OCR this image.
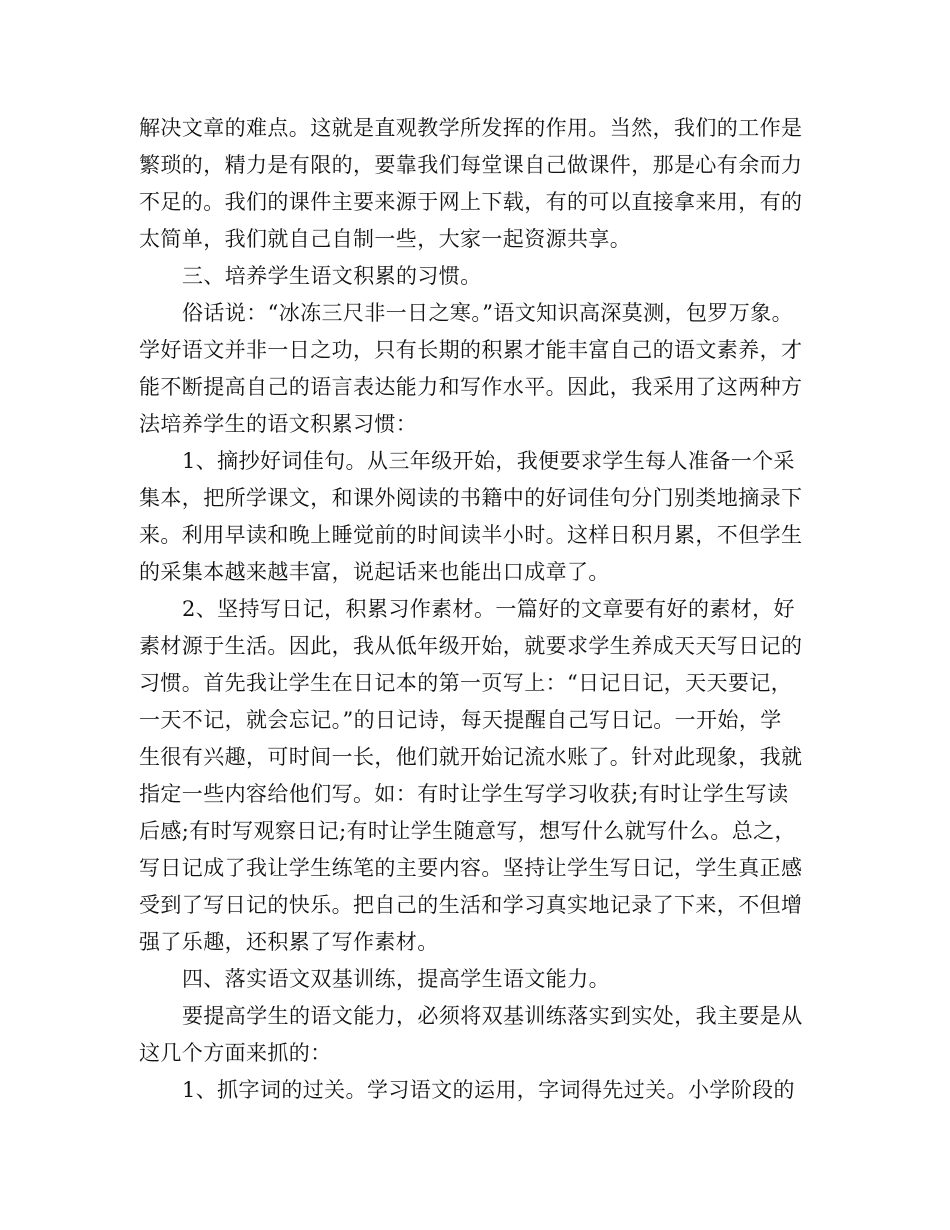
解决文章的难点。这就是直观教学所发挥的作用。当然，我们的工作是
繁琐的，精力是有限的，要靠我们每堂课自己做课件，那是心有余而力
不足的。我们的课件主要来源于网上下载，有的可以直接拿来用，有的
太简单，我们就自己自制一些，大家一起资源共享。
三、培养学生语文积累的习惯。
俗话说：“冰冻三尺非一日之寒。”语文知识高深莫测，包罗万象。
学好语文并非一日之功，只有长期的积累才能丰富自己的语文素养，才
能不断提高自己的语言表达能力和写作水平。因此，我采用了这两种方
法培养学生的语文积累习惯：
1、摘抄好词佳句。从三年级开始，我便要求学生每人准备一个采
集本，把所学课文，和课外阅读的书籍中的好词佳句分门别类地摘录下
来。利用早读和晚上睡觉前的时间读半小时。这样日积月累，不但学生
的采集本越来越丰富，说起话来也能出口成章了。
2、坚持写日记，积累习作素材。一篇好的文章要有好的素材，好
素材源于生活。因此，我从低年级开始，就要求学生养成天天写日记的
习惯。首先我让学生在日记本的第一页写上：“日记日记，天天要记，
一天不记，就会忘记。”的日记诗，每天提醒自己写日记。一开始，学
生很有兴趣，可时间一长，他们就开始记流水账了。针对此现象，我就
指定一些内容给他们写。如：有时让学生写学习收获;有时让学生写读
后感;有时写观察日记;有时让学生随意写，想写什么就写什么。总之，
写日记成了我让学生练笔的主要内容。坚持让学生写日记，学生真正感
受到了写日记的快乐。把自己的生活和学习真实地记录了下来，不但增
强了乐趣，还积累了写作素材。
四、落实语文双基训练，提高学生语文能力。
要提高学生的语文能力，必须将双基训练落实到实处，我主要是从
这几个方面来抓的：
1、抓字词的过关。学习语文的运用，字词得先过关。小学阶段的
